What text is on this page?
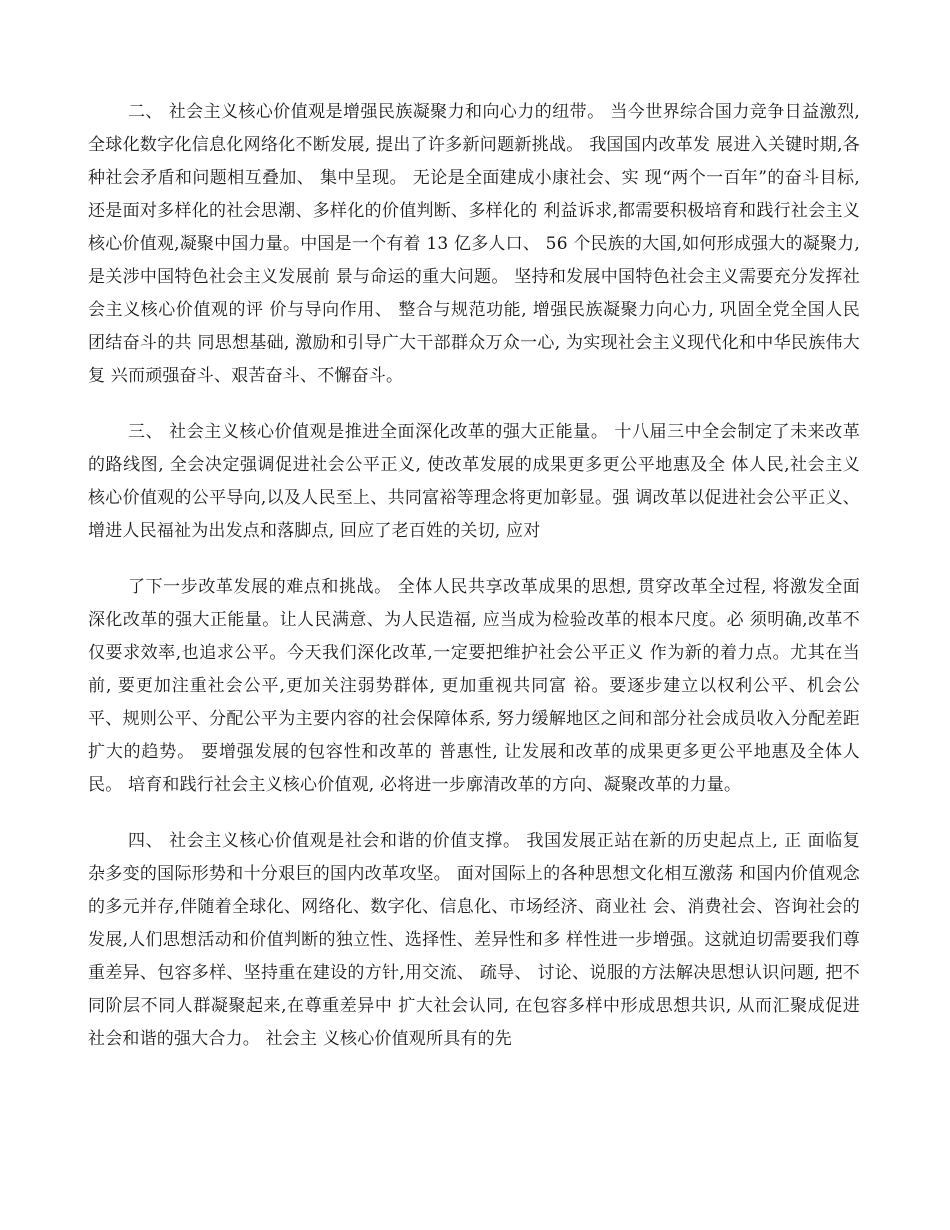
二、 社会主义核心价值观是增强民族凝聚力和向心力的纽带。 当今世界综合国力竞争日益激烈, 全球化数字化信息化网络化不断发展, 提出了许多新问题新挑战。 我国国内改革发 展进入关键时期,各种社会矛盾和问题相互叠加、 集中呈现。 无论是全面建成小康社会、实 现“两个一百年”的奋斗目标,还是面对多样化的社会思潮、多样化的价值判断、多样化的 利益诉求,都需要积极培育和践行社会主义核心价值观,凝聚中国力量。中国是一个有着 13 亿多人口、 56 个民族的大国,如何形成强大的凝聚力,是关涉中国特色社会主义发展前 景与命运的重大问题。 坚持和发展中国特色社会主义需要充分发挥社会主义核心价值观的评 价与导向作用、 整合与规范功能, 增强民族凝聚力向心力, 巩固全党全国人民团结奋斗的共 同思想基础, 激励和引导广大干部群众万众一心, 为实现社会主义现代化和中华民族伟大复 兴而顽强奋斗、艰苦奋斗、不懈奋斗。

三、 社会主义核心价值观是推进全面深化改革的强大正能量。 十八届三中全会制定了未来改革的路线图, 全会决定强调促进社会公平正义, 使改革发展的成果更多更公平地惠及全 体人民,社会主义核心价值观的公平导向,以及人民至上、共同富裕等理念将更加彰显。强 调改革以促进社会公平正义、 增进人民福祉为出发点和落脚点, 回应了老百姓的关切, 应对

了下一步改革发展的难点和挑战。 全体人民共享改革成果的思想, 贯穿改革全过程, 将激发全面深化改革的强大正能量。让人民满意、为人民造福, 应当成为检验改革的根本尺度。必 须明确,改革不仅要求效率,也追求公平。今天我们深化改革,一定要把维护社会公平正义 作为新的着力点。尤其在当前, 要更加注重社会公平,更加关注弱势群体, 更加重视共同富 裕。要逐步建立以权利公平、机会公平、规则公平、分配公平为主要内容的社会保障体系, 努力缓解地区之间和部分社会成员收入分配差距扩大的趋势。 要增强发展的包容性和改革的 普惠性, 让发展和改革的成果更多更公平地惠及全体人民。 培育和践行社会主义核心价值观, 必将进一步廓清改革的方向、凝聚改革的力量。

四、 社会主义核心价值观是社会和谐的价值支撑。 我国发展正站在新的历史起点上, 正 面临复杂多变的国际形势和十分艰巨的国内改革攻坚。 面对国际上的各种思想文化相互激荡 和国内价值观念的多元并存,伴随着全球化、网络化、数字化、信息化、市场经济、商业社 会、消费社会、咨询社会的发展,人们思想活动和价值判断的独立性、选择性、差异性和多 样性进一步增强。这就迫切需要我们尊重差异、包容多样、坚持重在建设的方针,用交流、 疏导、 讨论、说服的方法解决思想认识问题, 把不同阶层不同人群凝聚起来,在尊重差异中 扩大社会认同, 在包容多样中形成思想共识, 从而汇聚成促进社会和谐的强大合力。 社会主 义核心价值观所具有的先
